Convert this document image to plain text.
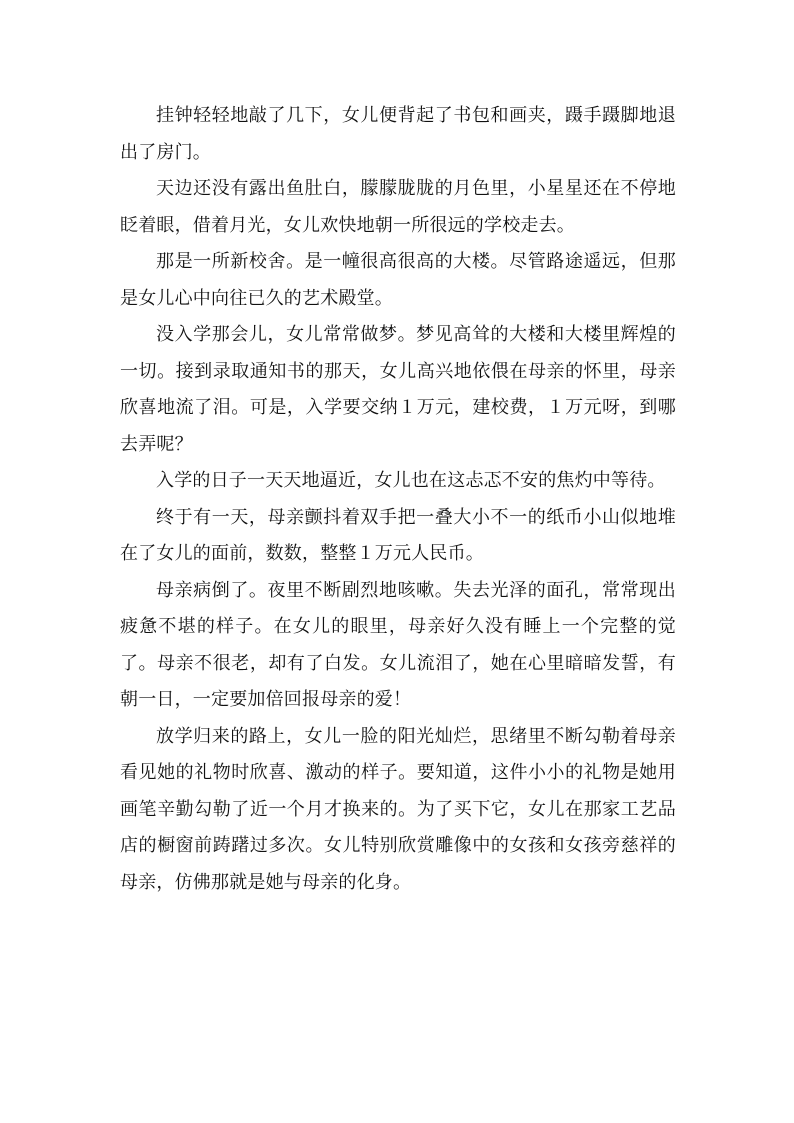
挂钟轻轻地敲了几下，女儿便背起了书包和画夹，蹑手蹑脚地退出了房门。

天边还没有露出鱼肚白，朦朦胧胧的月色里，小星星还在不停地眨着眼，借着月光，女儿欢快地朝一所很远的学校走去。

那是一所新校舍。是一幢很高很高的大楼。尽管路途遥远，但那是女儿心中向往已久的艺术殿堂。

没入学那会儿，女儿常常做梦。梦见高耸的大楼和大楼里辉煌的一切。接到录取通知书的那天，女儿高兴地依偎在母亲的怀里，母亲欣喜地流了泪。可是，入学要交纳１万元，建校费，１万元呀，到哪去弄呢？

入学的日子一天天地逼近，女儿也在这忐忑不安的焦灼中等待。

终于有一天，母亲颤抖着双手把一叠大小不一的纸币小山似地堆在了女儿的面前，数数，整整１万元人民币。

母亲病倒了。夜里不断剧烈地咳嗽。失去光泽的面孔，常常现出疲惫不堪的样子。在女儿的眼里，母亲好久没有睡上一个完整的觉了。母亲不很老，却有了白发。女儿流泪了，她在心里暗暗发誓，有朝一日，一定要加倍回报母亲的爱！

放学归来的路上，女儿一脸的阳光灿烂，思绪里不断勾勒着母亲看见她的礼物时欣喜、激动的样子。要知道，这件小小的礼物是她用画笔辛勤勾勒了近一个月才换来的。为了买下它，女儿在那家工艺品店的橱窗前踌躇过多次。女儿特别欣赏雕像中的女孩和女孩旁慈祥的母亲，仿佛那就是她与母亲的化身。
